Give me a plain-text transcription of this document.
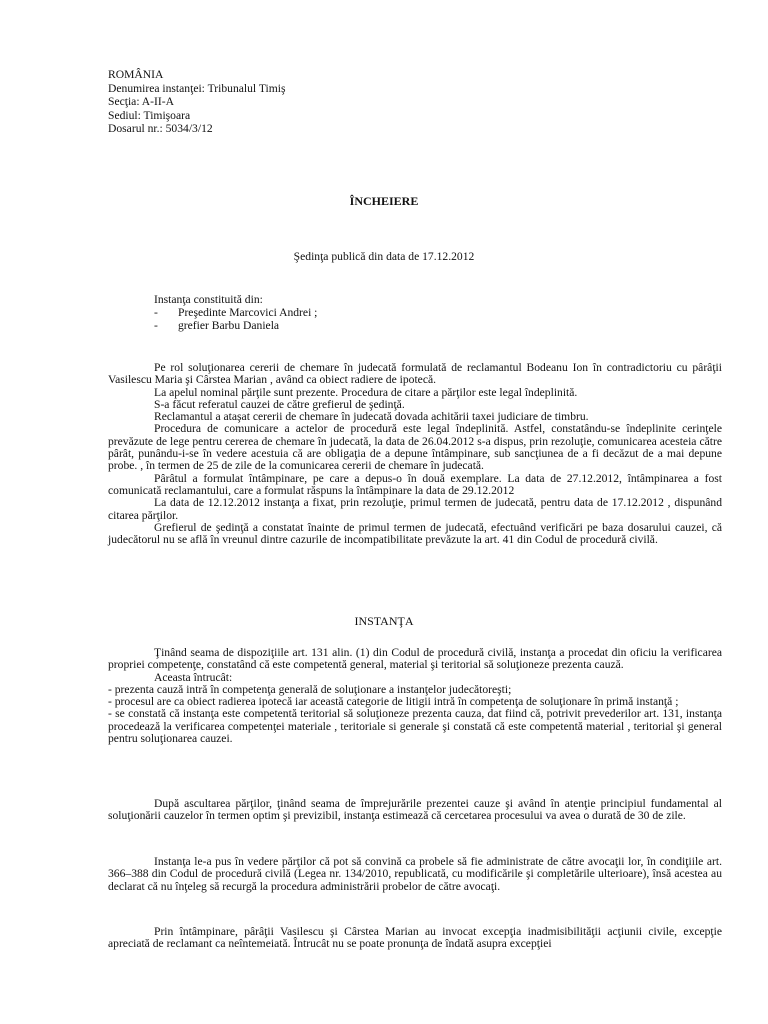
ROMÂNIA
Denumirea instanţei: Tribunalul Timiş
Secţia: A-II-A
Sediul: Timişoara
Dosarul nr.: 5034/3/12
ÎNCHEIERE
Şedinţa publică din data de 17.12.2012
Instanţa constituită din:
-	Preşedinte Marcovici Andrei ;
-	grefier Barbu Daniela

Pe rol soluţionarea cererii de chemare în judecată formulată de reclamantul Bodeanu Ion în contradictoriu cu pârâţii Vasilescu Maria şi Cârstea Marian , având ca obiect radiere de ipotecă.

La apelul nominal părţile sunt prezente. Procedura de citare a părţilor este legal îndeplinită.

S-a făcut referatul cauzei de către grefierul de şedinţă.

Reclamantul a ataşat cererii de chemare în judecată dovada achitării taxei judiciare de timbru.

Procedura de comunicare a actelor de procedură este legal îndeplinită. Astfel, constatându-se îndeplinite cerinţele prevăzute de lege pentru cererea de chemare în judecată, la data de 26.04.2012 s-a dispus, prin rezoluţie, comunicarea acesteia către pârât, punându-i-se în vedere acestuia că are obligaţia de a depune întâmpinare, sub sancţiunea de a fi decăzut de a mai depune probe. , în termen de 25 de zile de la comunicarea cererii de chemare în judecată.

Pârâtul a formulat întâmpinare, pe care a depus-o în două exemplare. La data de 27.12.2012, întâmpinarea a fost comunicată reclamantului, care a formulat răspuns la întâmpinare la data de 29.12.2012

La data de 12.12.2012 instanţa a fixat, prin rezoluţie, primul termen de judecată, pentru data de 17.12.2012 , dispunând citarea părţilor.

Grefierul de şedinţă a constatat înainte de primul termen de judecată, efectuând verificări pe baza dosarului cauzei, că judecătorul nu se află în vreunul dintre cazurile de incompatibilitate prevăzute la art. 41 din Codul de procedură civilă.

INSTANŢA

Ţinând seama de dispoziţiile art. 131 alin. (1) din Codul de procedură civilă, instanţa a procedat din oficiu la verificarea propriei competenţe, constatând că este competentă general, material şi teritorial să soluţioneze prezenta cauză.

Aceasta întrucât:

- prezenta cauză intră în competenţa generală de soluţionare a instanţelor judecătoreşti;

- procesul are ca obiect radierea ipotecă iar această categorie de litigii intră în competenţa de soluţionare în primă instanţă ;

- se constată că instanţa este competentă teritorial să soluţioneze prezenta cauza, dat fiind că, potrivit prevederilor art. 131, instanţa procedează la verificarea competenţei materiale , teritoriale si generale şi constată că este competentă material , teritorial şi general pentru soluţionarea cauzei.

După ascultarea părţilor, ţinând seama de împrejurările prezentei cauze şi având în atenţie principiul fundamental al soluţionării cauzelor în termen optim şi previzibil, instanţa estimează că cercetarea procesului va avea o durată de 30 de zile.

Instanţa le-a pus în vedere părţilor că pot să convină ca probele să fie administrate de către avocaţii lor, în condiţiile art. 366–388 din Codul de procedură civilă (Legea nr. 134/2010, republicată, cu modificările şi completările ulterioare), însă acestea au declarat că nu înţeleg să recurgă la procedura administrării probelor de către avocaţi.

Prin întâmpinare, pârâţii Vasilescu şi Cârstea Marian au invocat excepţia inadmisibilităţii acţiunii civile, excepţie apreciată de reclamant ca neîntemeiată. Întrucât nu se poate pronunţa de îndată asupra excepţiei
